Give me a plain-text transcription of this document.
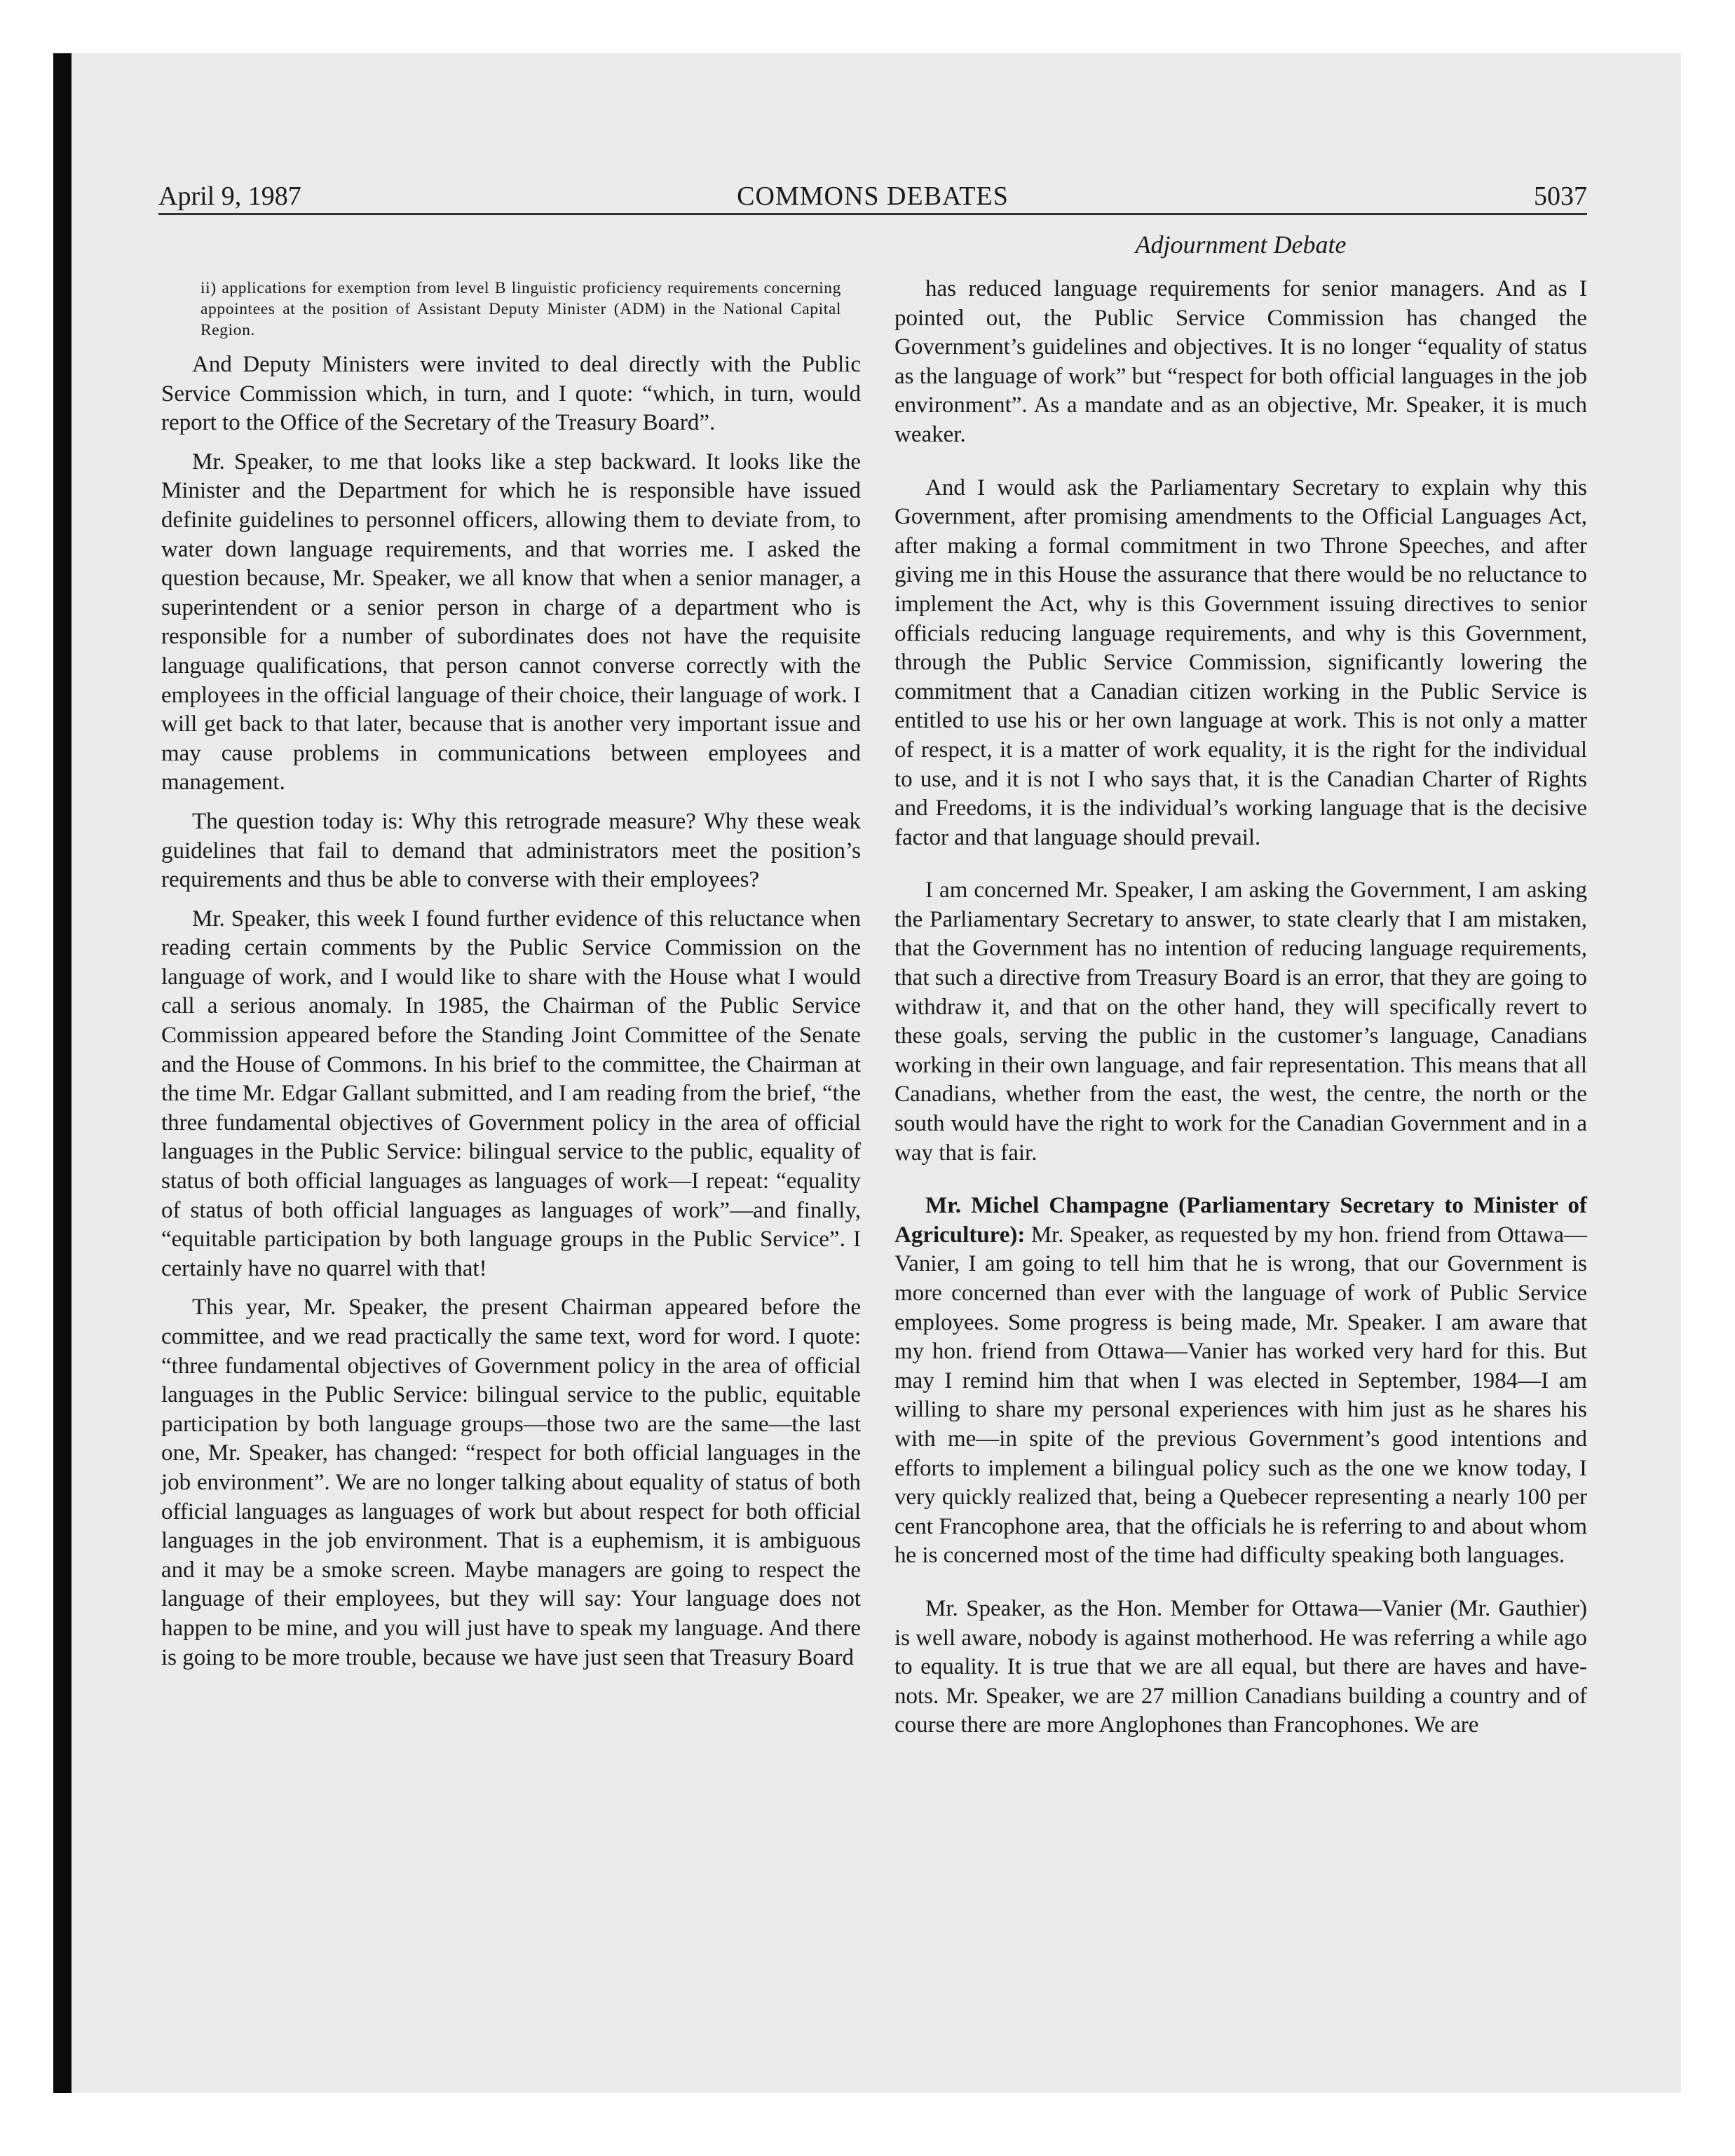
April 9, 1987	COMMONS DEBATES	5037
Adjournment Debate

ii) applications for exemption from level B linguistic proficiency requirements concerning appointees at the position of Assistant Deputy Minister (ADM) in the National Capital Region.

And Deputy Ministers were invited to deal directly with the Public Service Commission which, in turn, and I quote: “which, in turn, would report to the Office of the Secretary of the Treasury Board”.

Mr. Speaker, to me that looks like a step backward. It looks like the Minister and the Department for which he is responsible have issued definite guidelines to personnel officers, allowing them to deviate from, to water down language requirements, and that worries me. I asked the question because, Mr. Speaker, we all know that when a senior manager, a superintendent or a senior person in charge of a department who is responsible for a number of subordinates does not have the requisite language qualifications, that person cannot converse correctly with the employees in the official language of their choice, their language of work. I will get back to that later, because that is another very important issue and may cause problems in communications between employees and management.

The question today is: Why this retrograde measure? Why these weak guidelines that fail to demand that administrators meet the position’s requirements and thus be able to converse with their employees?

Mr. Speaker, this week I found further evidence of this reluctance when reading certain comments by the Public Service Commission on the language of work, and I would like to share with the House what I would call a serious anomaly. In 1985, the Chairman of the Public Service Commission appeared before the Standing Joint Committee of the Senate and the House of Commons. In his brief to the committee, the Chairman at the time Mr. Edgar Gallant submitted, and I am reading from the brief, “the three fundamental objectives of Government policy in the area of official languages in the Public Service: bilingual service to the public, equality of status of both official languages as languages of work—I repeat: “equality of status of both official languages as languages of work”—and finally, “equitable participation by both language groups in the Public Service”. I certainly have no quarrel with that!

This year, Mr. Speaker, the present Chairman appeared before the committee, and we read practically the same text, word for word. I quote: “three fundamental objectives of Government policy in the area of official languages in the Public Service: bilingual service to the public, equitable participation by both language groups—those two are the same—the last one, Mr. Speaker, has changed: “respect for both official languages in the job environment”. We are no longer talking about equality of status of both official languages as languages of work but about respect for both official languages in the job environment. That is a euphemism, it is ambiguous and it may be a smoke screen. Maybe managers are going to respect the language of their employees, but they will say: Your language does not happen to be mine, and you will just have to speak my language. And there is going to be more trouble, because we have just seen that Treasury Board

has reduced language requirements for senior managers. And as I pointed out, the Public Service Commission has changed the Government’s guidelines and objectives. It is no longer “equality of status as the language of work” but “respect for both official languages in the job environment”. As a mandate and as an objective, Mr. Speaker, it is much weaker.

And I would ask the Parliamentary Secretary to explain why this Government, after promising amendments to the Official Languages Act, after making a formal commitment in two Throne Speeches, and after giving me in this House the assurance that there would be no reluctance to implement the Act, why is this Government issuing directives to senior officials reducing language requirements, and why is this Government, through the Public Service Commission, significantly lowering the commitment that a Canadian citizen working in the Public Service is entitled to use his or her own language at work. This is not only a matter of respect, it is a matter of work equality, it is the right for the individual to use, and it is not I who says that, it is the Canadian Charter of Rights and Freedoms, it is the individual’s working language that is the decisive factor and that language should prevail.

I am concerned Mr. Speaker, I am asking the Government, I am asking the Parliamentary Secretary to answer, to state clearly that I am mistaken, that the Government has no intention of reducing language requirements, that such a directive from Treasury Board is an error, that they are going to withdraw it, and that on the other hand, they will specifically revert to these goals, serving the public in the customer’s language, Canadians working in their own language, and fair representation. This means that all Canadians, whether from the east, the west, the centre, the north or the south would have the right to work for the Canadian Government and in a way that is fair.

Mr. Michel Champagne (Parliamentary Secretary to Minister of Agriculture): Mr. Speaker, as requested by my hon. friend from Ottawa—Vanier, I am going to tell him that he is wrong, that our Government is more concerned than ever with the language of work of Public Service employees. Some progress is being made, Mr. Speaker. I am aware that my hon. friend from Ottawa—Vanier has worked very hard for this. But may I remind him that when I was elected in September, 1984—I am willing to share my personal experiences with him just as he shares his with me—in spite of the previous Government’s good intentions and efforts to implement a bilingual policy such as the one we know today, I very quickly realized that, being a Quebecer representing a nearly 100 per cent Francophone area, that the officials he is referring to and about whom he is concerned most of the time had difficulty speaking both languages.

Mr. Speaker, as the Hon. Member for Ottawa—Vanier (Mr. Gauthier) is well aware, nobody is against motherhood. He was referring a while ago to equality. It is true that we are all equal, but there are haves and have-nots. Mr. Speaker, we are 27 million Canadians building a country and of course there are more Anglophones than Francophones. We are
